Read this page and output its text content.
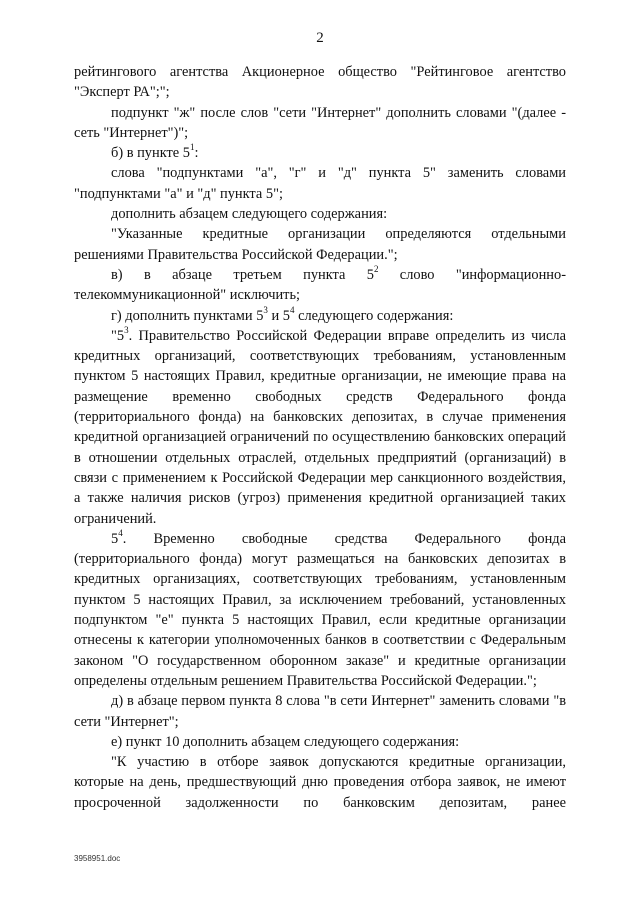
2

рейтингового агентства Акционерное общество "Рейтинговое агентство "Эксперт РА";";

подпункт "ж" после слов "сети "Интернет" дополнить словами "(далее - сеть "Интернет")";

б) в пункте $5^1$:

слова "подпунктами "а", "г" и "д" пункта 5" заменить словами "подпунктами "а" и "д" пункта 5";

дополнить абзацем следующего содержания:

"Указанные кредитные организации определяются отдельными решениями Правительства Российской Федерации.";

в) в абзаце третьем пункта $5^2$ слово "информационно-телекоммуникационной" исключить;

г) дополнить пунктами $5^3$ и $5^4$ следующего содержания:

"$5^3$. Правительство Российской Федерации вправе определить из числа кредитных организаций, соответствующих требованиям, установленным пунктом 5 настоящих Правил, кредитные организации, не имеющие права на размещение временно свободных средств Федерального фонда (территориального фонда) на банковских депозитах, в случае применения кредитной организацией ограничений по осуществлению банковских операций в отношении отдельных отраслей, отдельных предприятий (организаций) в связи с применением к Российской Федерации мер санкционного воздействия, а также наличия рисков (угроз) применения кредитной организацией таких ограничений.

$5^4$. Временно свободные средства Федерального фонда (территориального фонда) могут размещаться на банковских депозитах в кредитных организациях, соответствующих требованиям, установленным пунктом 5 настоящих Правил, за исключением требований, установленных подпунктом "е" пункта 5 настоящих Правил, если кредитные организации отнесены к категории уполномоченных банков в соответствии с Федеральным законом "О государственном оборонном заказе" и кредитные организации определены отдельным решением Правительства Российской Федерации.";

д) в абзаце первом пункта 8 слова "в сети Интернет" заменить словами "в сети "Интернет";

е) пункт 10 дополнить абзацем следующего содержания:

"К участию в отборе заявок допускаются кредитные организации, которые на день, предшествующий дню проведения отбора заявок, не имеют просроченной задолженности по банковским депозитам, ранее

3958951.doc
